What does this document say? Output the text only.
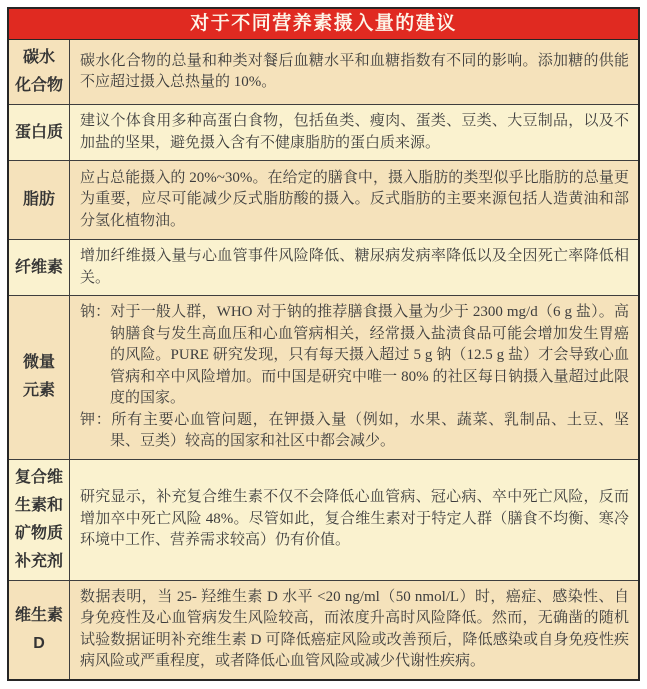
对于不同营养素摄入量的建议
碳水
化合物

碳水化合物的总量和种类对餐后血糖水平和血糖指数有不同的影响。添加糖的供能不应超过摄入总热量的 10%。

蛋白质

建议个体食用多种高蛋白食物，包括鱼类、瘦肉、蛋类、豆类、大豆制品，以及不加盐的坚果，避免摄入含有不健康脂肪的蛋白质来源。

脂肪

应占总能摄入的 20%~30%。在给定的膳食中，摄入脂肪的类型似乎比脂肪的总量更为重要，应尽可能减少反式脂肪酸的摄入。反式脂肪的主要来源包括人造黄油和部分氢化植物油。

纤维素

增加纤维摄入量与心血管事件风险降低、糖尿病发病率降低以及全因死亡率降低相关。

微量
元素

钠：对于一般人群，WHO 对于钠的推荐膳食摄入量为少于 2300 mg/d（6 g 盐）。高钠膳食与发生高血压和心血管病相关，经常摄入盐渍食品可能会增加发生胃癌的风险。PURE 研究发现，只有每天摄入超过 5 g 钠（12.5 g 盐）才会导致心血管病和卒中风险增加。而中国是研究中唯一 80% 的社区每日钠摄入量超过此限度的国家。

钾：所有主要心血管问题，在钾摄入量（例如，水果、蔬菜、乳制品、土豆、坚果、豆类）较高的国家和社区中都会减少。

复合维
生素和
矿物质
补充剂

研究显示，补充复合维生素不仅不会降低心血管病、冠心病、卒中死亡风险，反而增加卒中死亡风险 48%。尽管如此，复合维生素对于特定人群（膳食不均衡、寒冷环境中工作、营养需求较高）仍有价值。

维生素
D

数据表明，当 25- 羟维生素 D 水平 <20 ng/ml（50 nmol/L）时，癌症、感染性、自身免疫性及心血管病发生风险较高，而浓度升高时风险降低。然而，无确凿的随机试验数据证明补充维生素 D 可降低癌症风险或改善预后，降低感染或自身免疫性疾病风险或严重程度，或者降低心血管风险或减少代谢性疾病。
